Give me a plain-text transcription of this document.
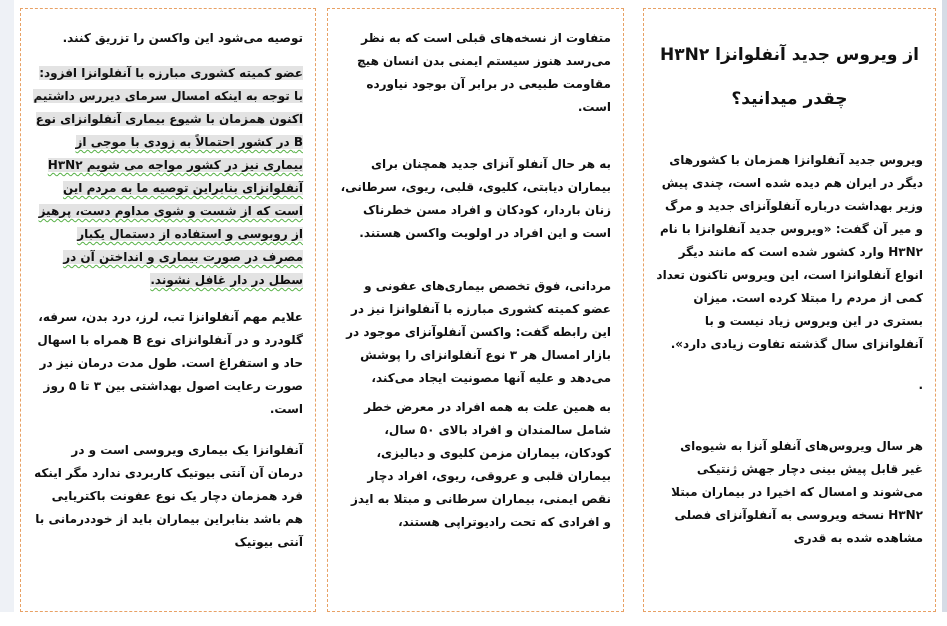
از ویروس جدید آنفلوانزا H۳N۲ چقدر میدانید؟
ویروس جدید آنفلوانزا همزمان با کشورهای دیگر در ایران هم دیده شده است، چندی پیش وزیر بهداشت درباره آنفلوآنزای جدید و مرگ و میر آن گفت: «ویروس جدید آنفلوانزا با نام H۳N۲ وارد کشور شده است که مانند دیگر انواع آنفلوانزا است، این ویروس تاکنون تعداد کمی از مردم را مبتلا کرده است. میزان بستری در این ویروس زیاد نیست و با آنفلوانزای سال گذشته تفاوت زیادی دارد».
.
هر سال ویروس‌های آنفلو آنزا به شیوه‌ای غیر قابل پیش بینی دچار جهش ژنتیکی می‌شوند و امسال که اخیرا در بیماران مبتلا H۳N۲ نسخه ویروسی به آنفلوآنزای فصلی مشاهده شده به قدری
متفاوت از نسخه‌های قبلی است که به نظر می‌رسد هنوز سیستم ایمنی بدن انسان هیچ مقاومت طبیعی در برابر آن بوجود نیاورده است.
به هر حال آنفلو آنزای جدید همچنان برای بیماران دیابتی، کلیوی، قلبی، ریوی، سرطانی، زنان باردار، کودکان و افراد مسن خطرناک است و این افراد در اولویت واکسن هستند.
مردانی، فوق تخصص بیماری‌های عفونی و عضو کمیته کشوری مبارزه با آنفلوانزا نیز در این رابطه گفت: واکسن آنفلوآنزای موجود در بازار امسال هر ۳ نوع آنفلوانزای را پوشش می‌دهد و علیه آنها مصونیت ایجاد می‌کند،
به همین علت به همه افراد در معرض خطر شامل سالمندان و افراد بالای ۵۰ سال، کودکان، بیماران مزمن کلیوی و دیالیزی، بیماران قلبی و عروقی، ریوی، افراد دچار نقص ایمنی، بیماران سرطانی و مبتلا به ایدز و افرادی که تحت رادیوتراپی هستند،
توصیه می‌شود این واکسن را تزریق کنند.
عضو کمیته کشوری مبارزه با آنفلوانزا افزود: با توجه به اینکه امسال سرمای دیررس داشتیم اکنون همزمان با شیوع بیماری آنفلوانزای نوع B در کشور احتمالاً به زودی با موجی از بیماری نیز در کشور مواجه می شویم H۳N۲ آنفلوانزای بنابراین توصیه ما به مردم این است که از شست و شوی مداوم دست، پرهیز از روبوسی و استفاده از دستمال یکبار مصرف در صورت بیماری و انداختن آن در سطل در دار غافل نشوند.
علایم مهم آنفلوانزا تب، لرز، درد بدن، سرفه، گلودرد و در آنفلوانزای نوع B همراه با اسهال حاد و استفراغ است. طول مدت درمان نیز در صورت رعایت اصول بهداشتی بین ۳ تا ۵ روز است.
آنفلوانزا یک بیماری ویروسی است و در درمان آن آنتی بیوتیک کاربردی ندارد مگر اینکه فرد همزمان دچار یک نوع عفونت باکتریایی هم باشد بنابراین بیماران باید از خوددرمانی با آنتی بیوتیک
